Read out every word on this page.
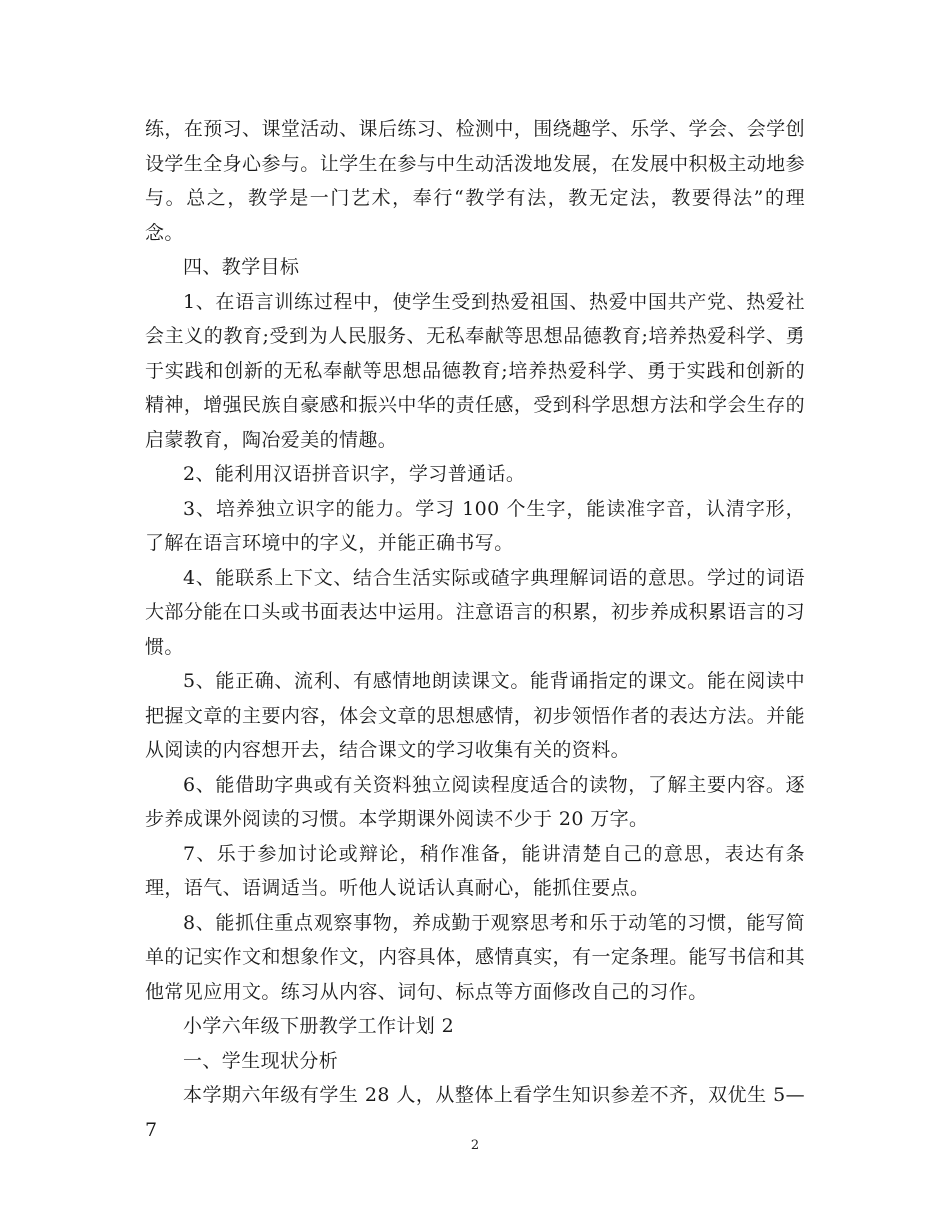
练，在预习、课堂活动、课后练习、检测中，围绕趣学、乐学、学会、会学创设学生全身心参与。让学生在参与中生动活泼地发展，在发展中积极主动地参与。总之，教学是一门艺术，奉行“教学有法，教无定法，教要得法”的理念。

四、教学目标

1、在语言训练过程中，使学生受到热爱祖国、热爱中国共产党、热爱社会主义的教育;受到为人民服务、无私奉献等思想品德教育;培养热爱科学、勇于实践和创新的无私奉献等思想品德教育;培养热爱科学、勇于实践和创新的精神，增强民族自豪感和振兴中华的责任感，受到科学思想方法和学会生存的启蒙教育，陶冶爱美的情趣。

2、能利用汉语拼音识字，学习普通话。

3、培养独立识字的能力。学习 100 个生字，能读准字音，认清字形，了解在语言环境中的字义，并能正确书写。

4、能联系上下文、结合生活实际或碴字典理解词语的意思。学过的词语大部分能在口头或书面表达中运用。注意语言的积累，初步养成积累语言的习惯。

5、能正确、流利、有感情地朗读课文。能背诵指定的课文。能在阅读中把握文章的主要内容，体会文章的思想感情，初步领悟作者的表达方法。并能从阅读的内容想开去，结合课文的学习收集有关的资料。

6、能借助字典或有关资料独立阅读程度适合的读物，了解主要内容。逐步养成课外阅读的习惯。本学期课外阅读不少于 20 万字。

7、乐于参加讨论或辩论，稍作准备，能讲清楚自己的意思，表达有条理，语气、语调适当。听他人说话认真耐心，能抓住要点。

8、能抓住重点观察事物，养成勤于观察思考和乐于动笔的习惯，能写简单的记实作文和想象作文，内容具体，感情真实，有一定条理。能写书信和其他常见应用文。练习从内容、词句、标点等方面修改自己的习作。

小学六年级下册教学工作计划 2

一、学生现状分析

本学期六年级有学生 28 人，从整体上看学生知识参差不齐，双优生 5—7

2
